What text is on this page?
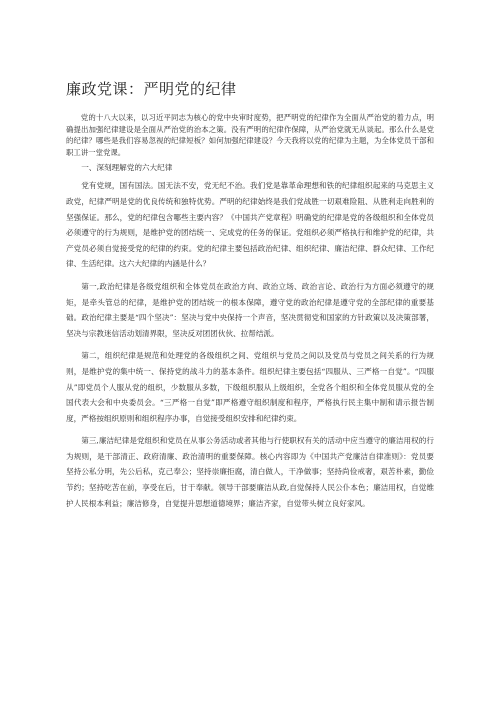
廉政党课：严明党的纪律

党的十八大以来，以习近平同志为核心的党中央审时度势，把严明党的纪律作为全面从严治党的着力点，明确提出加强纪律建设是全面从严治党的治本之策。没有严明的纪律作保障，从严治党就无从谈起。那么什么是党的纪律？哪些是我们容易忽视的纪律短板？如何加强纪律建设？今天我将以党的纪律为主题，为全体党员干部和职工讲一堂党课。

一、深刻理解党的六大纪律

党有党规，国有国法。国无法不安，党无纪不治。我们党是靠革命理想和铁的纪律组织起来的马克思主义政党，纪律严明是党的优良传统和独特优势。严明的纪律始终是我们党战胜一切艰难险阻、从胜利走向胜利的坚强保证。那么，党的纪律包含哪些主要内容？《中国共产党章程》明确党的纪律是党的各级组织和全体党员必须遵守的行为规则，是维护党的团结统一、完成党的任务的保证。党组织必须严格执行和维护党的纪律，共产党员必须自觉接受党的纪律的约束。党的纪律主要包括政治纪律、组织纪律、廉洁纪律、群众纪律、工作纪律、生活纪律。这六大纪律的内涵是什么？

第一,政治纪律是各级党组织和全体党员在政治方向、政治立场、政治言论、政治行为方面必须遵守的规矩，是牵头管总的纪律，是维护党的团结统一的根本保障，遵守党的政治纪律是遵守党的全部纪律的重要基础。政治纪律主要是“四个坚决”：坚决与党中央保持一个声音，坚决贯彻党和国家的方针政策以及决策部署，坚决与宗教迷信活动划清界限，坚决反对团团伙伙、拉帮结派。

第二，组织纪律是规范和处理党的各级组织之间、党组织与党员之间以及党员与党员之间关系的行为规则，是维护党的集中统一、保持党的战斗力的基本条件。组织纪律主要包括“四服从、三严格一自觉”。“四服从”即党员个人服从党的组织，少数服从多数，下级组织服从上级组织，全党各个组织和全体党员服从党的全国代表大会和中央委员会。“三严格一自觉”即严格遵守组织制度和程序，严格执行民主集中制和请示报告制度，严格按组织原则和组织程序办事，自觉接受组织安排和纪律约束。

第三,廉洁纪律是党组织和党员在从事公务活动或者其他与行使职权有关的活动中应当遵守的廉洁用权的行为规则，是干部清正、政府清廉、政治清明的重要保障。核心内容即为《中国共产党廉洁自律准则》：党员要坚持公私分明，先公后私，克己奉公；坚持崇廉拒腐，清白做人，干净做事；坚持尚俭戒奢，艰苦朴素，勤俭节约；坚持吃苦在前，享受在后，甘于奉献。领导干部要廉洁从政,自觉保持人民公仆本色；廉洁用权，自觉维护人民根本利益；廉洁修身，自觉提升思想道德境界；廉洁齐家，自觉带头树立良好家风。
